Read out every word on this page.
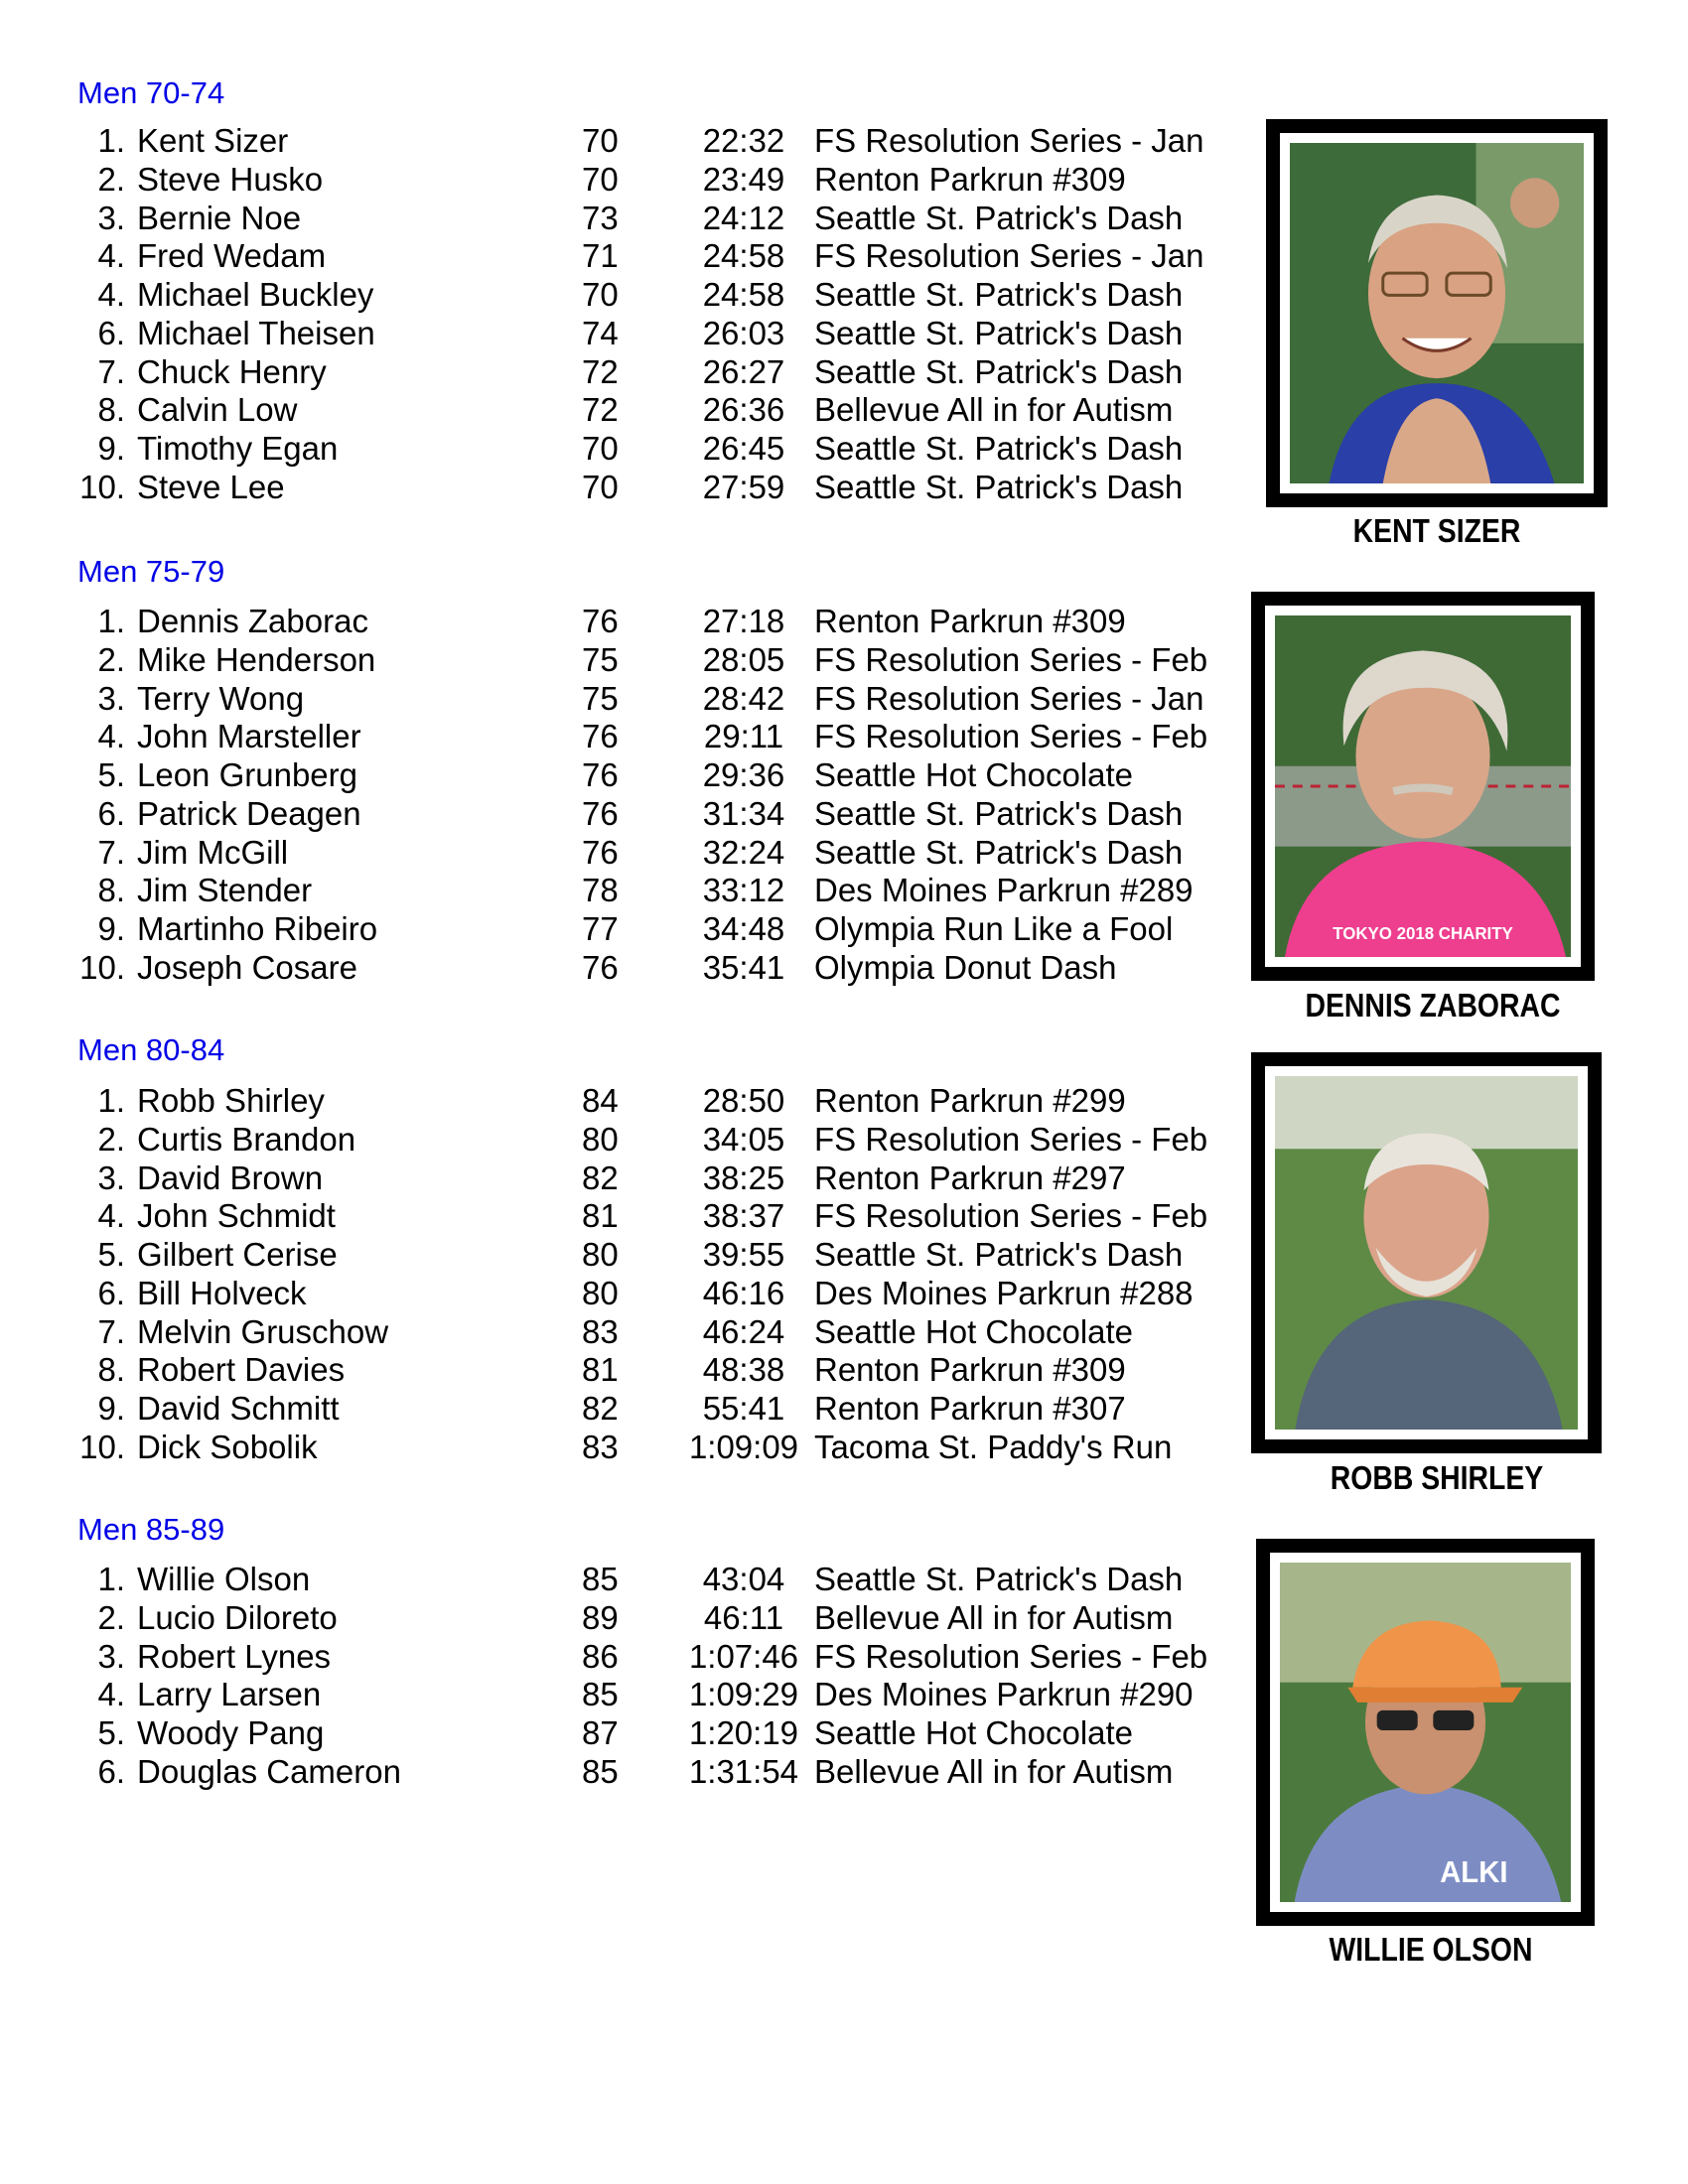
Men 70-74
1. Kent Sizer	70	22:32 FS Resolution Series - Jan
2. Steve Husko	70	23:49 Renton Parkrun #309
3. Bernie Noe	73	24:12 Seattle St. Patrick's Dash
4. Fred Wedam	71	24:58 FS Resolution Series - Jan
4. Michael Buckley	70	24:58 Seattle St. Patrick's Dash
6. Michael Theisen	74	26:03 Seattle St. Patrick's Dash
7. Chuck Henry	72	26:27 Seattle St. Patrick's Dash
8. Calvin Low	72	26:36 Bellevue All in for Autism
9. Timothy Egan	70	26:45 Seattle St. Patrick's Dash
10. Steve Lee	70	27:59 Seattle St. Patrick's Dash
Men 75-79
1. Dennis Zaborac	76	27:18 Renton Parkrun #309
2. Mike Henderson	75	28:05 FS Resolution Series - Feb
3. Terry Wong	75	28:42 FS Resolution Series - Jan
4. John Marsteller	76	29:11 FS Resolution Series - Feb
5. Leon Grunberg	76	29:36 Seattle Hot Chocolate
6. Patrick Deagen	76	31:34 Seattle St. Patrick's Dash
7. Jim McGill	76	32:24 Seattle St. Patrick's Dash
8. Jim Stender	78	33:12 Des Moines Parkrun #289
9. Martinho Ribeiro	77	34:48 Olympia Run Like a Fool
10. Joseph Cosare	76	35:41 Olympia Donut Dash
Men 80-84
1. Robb Shirley	84	28:50 Renton Parkrun #299
2. Curtis Brandon	80	34:05 FS Resolution Series - Feb
3. David Brown	82	38:25 Renton Parkrun #297
4. John Schmidt	81	38:37 FS Resolution Series - Feb
5. Gilbert Cerise	80	39:55 Seattle St. Patrick's Dash
6. Bill Holveck	80	46:16 Des Moines Parkrun #288
7. Melvin Gruschow	83	46:24 Seattle Hot Chocolate
8. Robert Davies	81	48:38 Renton Parkrun #309
9. David Schmitt	82	55:41 Renton Parkrun #307
10. Dick Sobolik	83 1:09:09 Tacoma St. Paddy's Run
Men 85-89
1. Willie Olson	85	43:04 Seattle St. Patrick's Dash
2. Lucio Diloreto	89	46:11 Bellevue All in for Autism
3. Robert Lynes	86 1:07:46 FS Resolution Series - Feb
4. Larry Larsen	85 1:09:29 Des Moines Parkrun #290
5. Woody Pang	87 1:20:19 Seattle Hot Chocolate
6. Douglas Cameron	85 1:31:54 Bellevue All in for Autism
KENT SIZER
TOKYO 2018 CHARITY
DENNIS ZABORAC
ROBB SHIRLEY
ALKI
WILLIE OLSON
